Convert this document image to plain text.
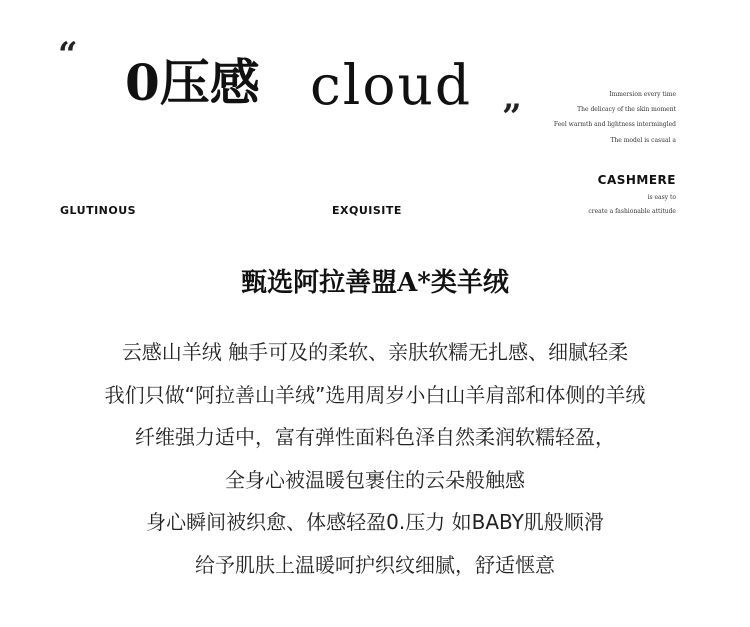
“ 0压感 cloud ”
Immersion every time
The delicacy of the skin moment
Feel warmth and lightness intermingled
The model is casual a
CASHMERE
is easy to
create a fashionable attitude
GLUTINOUS	EXQUISITE
甄选阿拉善盟A*类羊绒
云感山羊绒 触手可及的柔软、亲肤软糯无扎感、细腻轻柔
我们只做“阿拉善山羊绒”选用周岁小白山羊肩部和体侧的羊绒
纤维强力适中，富有弹性面料色泽自然柔润软糯轻盈，
全身心被温暖包裹住的云朵般触感
身心瞬间被织愈、体感轻盈0.压力 如BABY肌般顺滑
给予肌肤上温暖呵护织纹细腻，舒适惬意
